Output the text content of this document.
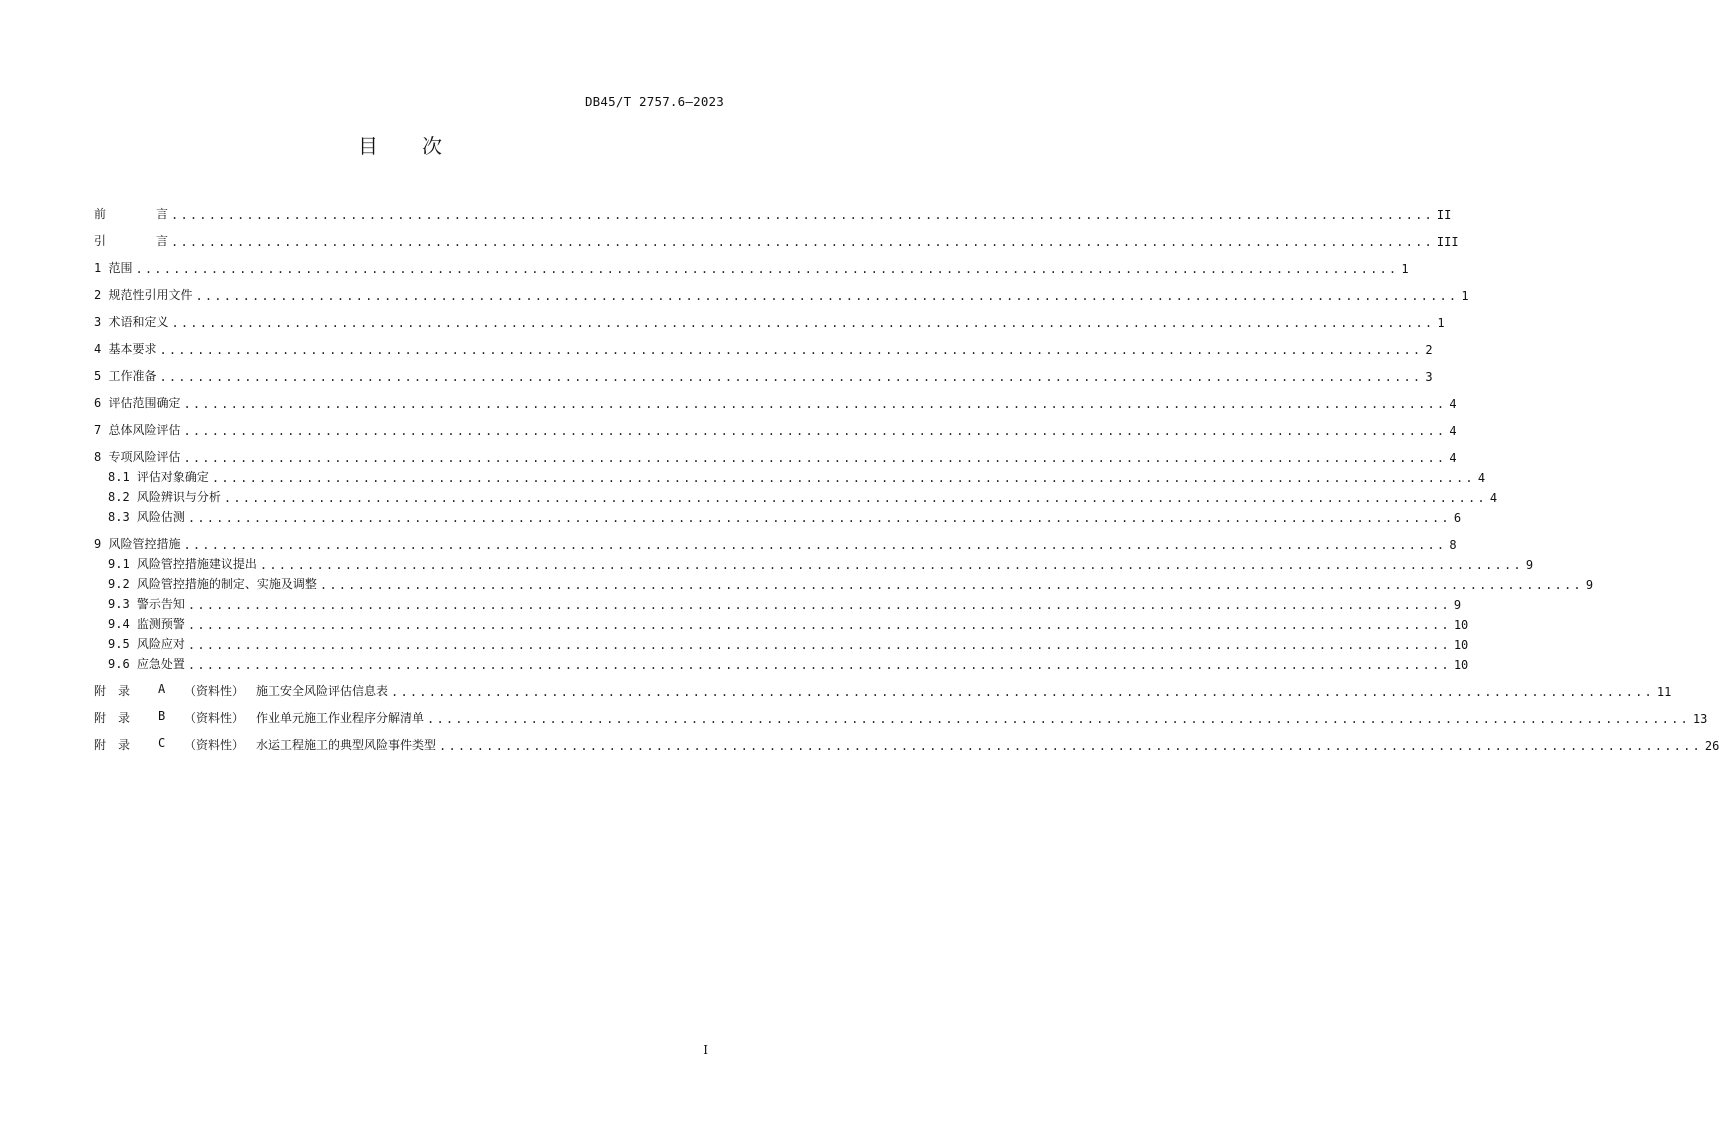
DB45/T 2757.6—2023
目 次
前	言 ...................................................................................................................................... II
引	言 ...................................................................................................................................... III
1 范围 ...................................................................................................................................... 1
2 规范性引用文件 ...................................................................................................................................... 1
3 术语和定义 ...................................................................................................................................... 1
4 基本要求 ...................................................................................................................................... 2
5 工作准备 ...................................................................................................................................... 3
6 评估范围确定 ...................................................................................................................................... 4
7 总体风险评估 ...................................................................................................................................... 4
8 专项风险评估 ...................................................................................................................................... 4
8.1 评估对象确定 ...................................................................................................................................... 4
8.2 风险辨识与分析 ...................................................................................................................................... 4
8.3 风险估测 ...................................................................................................................................... 6
9 风险管控措施 ...................................................................................................................................... 8
9.1 风险管控措施建议提出 ...................................................................................................................................... 9
9.2 风险管控措施的制定、实施及调整 ...................................................................................................................................... 9
9.3 警示告知 ...................................................................................................................................... 9
9.4 监测预警 ...................................................................................................................................... 10
9.5 风险应对 ...................................................................................................................................... 10
9.6 应急处置 ...................................................................................................................................... 10
附 录	A	（资料性） 施工安全风险评估信息表 ...................................................................................................................................... 11
附 录	B	（资料性） 作业单元施工作业程序分解清单 ...................................................................................................................................... 13
附 录	C	（资料性） 水运工程施工的典型风险事件类型 ...................................................................................................................................... 26
I
